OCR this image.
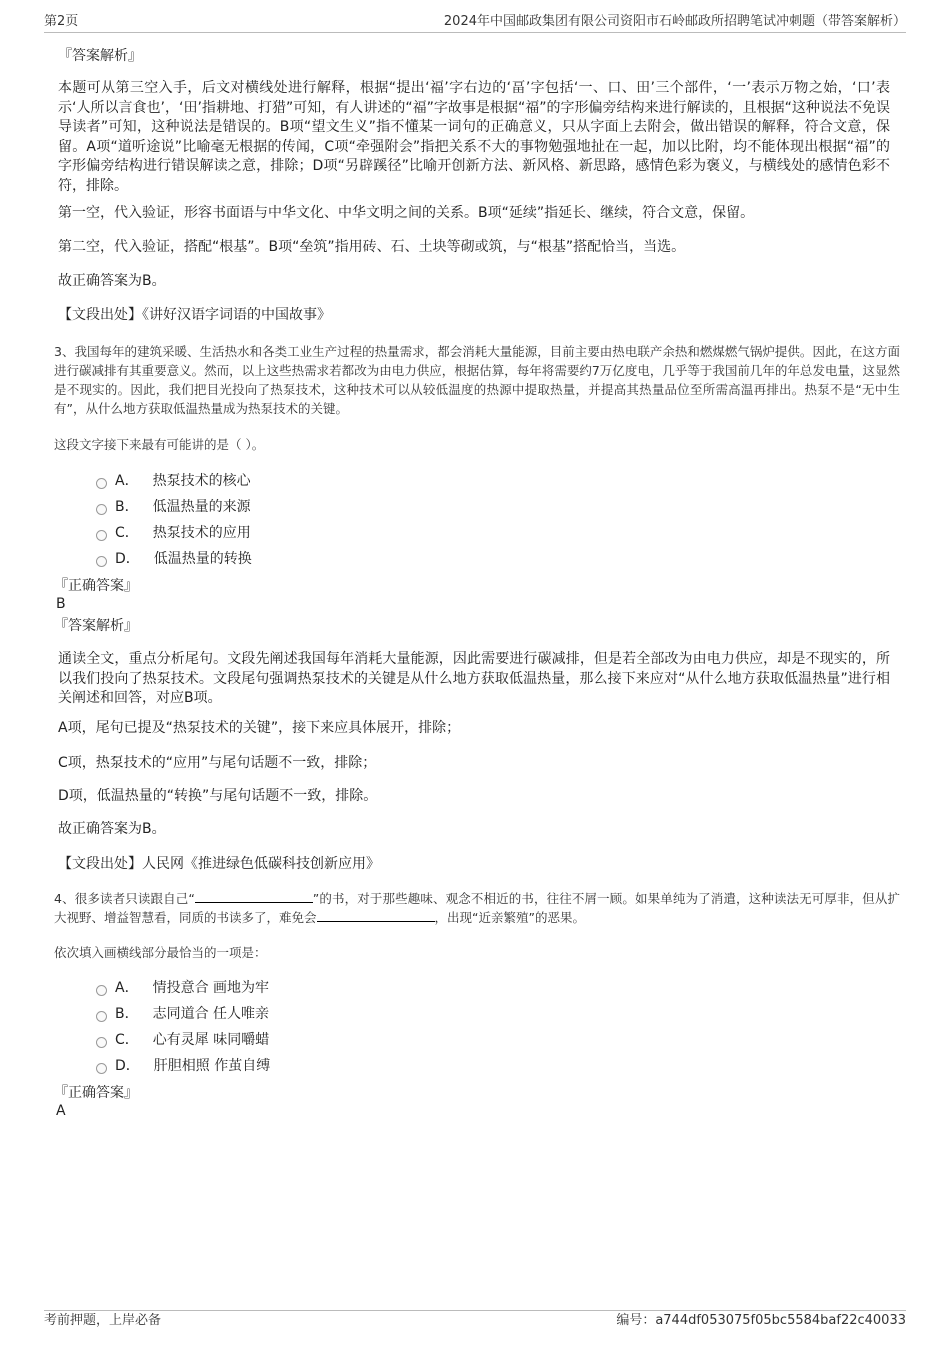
第2页	2024年中国邮政集团有限公司资阳市石岭邮政所招聘笔试冲刺题（带答案解析）
『答案解析』
本题可从第三空入手，后文对横线处进行解释，根据“提出‘福’字右边的‘畐’字包括‘一、口、田’三个部件，‘一’表示万物之始，‘口’表示‘人所以言食也’，‘田’指耕地、打猎”可知，有人讲述的“福”字故事是根据“福”的字形偏旁结构来进行解读的，且根据“这种说法不免误导读者”可知，这种说法是错误的。B项“望文生义”指不懂某一词句的正确意义，只从字面上去附会，做出错误的解释，符合文意，保留。A项“道听途说”比喻毫无根据的传闻，C项“牵强附会”指把关系不大的事物勉强地扯在一起，加以比附，均不能体现出根据“福”的字形偏旁结构进行错误解读之意，排除；D项“另辟蹊径”比喻开创新方法、新风格、新思路，感情色彩为褒义，与横线处的感情色彩不符，排除。
第一空，代入验证，形容书面语与中华文化、中华文明之间的关系。B项“延续”指延长、继续，符合文意，保留。
第二空，代入验证，搭配“根基”。B项“垒筑”指用砖、石、土块等砌或筑，与“根基”搭配恰当，当选。
故正确答案为B。
【文段出处】《讲好汉语字词语的中国故事》
3、我国每年的建筑采暖、生活热水和各类工业生产过程的热量需求，都会消耗大量能源，目前主要由热电联产余热和燃煤燃气锅炉提供。因此，在这方面进行碳减排有其重要意义。然而，以上这些热需求若都改为由电力供应，根据估算，每年将需要约7万亿度电，几乎等于我国前几年的年总发电量，这显然是不现实的。因此，我们把目光投向了热泵技术，这种技术可以从较低温度的热源中提取热量，并提高其热量品位至所需高温再排出。热泵不是“无中生有”，从什么地方获取低温热量成为热泵技术的关键。
这段文字接下来最有可能讲的是（ ）。
A． 热泵技术的核心
B． 低温热量的来源
C． 热泵技术的应用
D． 低温热量的转换
『正确答案』
B
『答案解析』
通读全文，重点分析尾句。文段先阐述我国每年消耗大量能源，因此需要进行碳减排，但是若全部改为由电力供应，却是不现实的，所以我们投向了热泵技术。文段尾句强调热泵技术的关键是从什么地方获取低温热量，那么接下来应对“从什么地方获取低温热量”进行相关阐述和回答，对应B项。
A项，尾句已提及“热泵技术的关键”，接下来应具体展开，排除；
C项，热泵技术的“应用”与尾句话题不一致，排除；
D项，低温热量的“转换”与尾句话题不一致，排除。
故正确答案为B。
【文段出处】人民网《推进绿色低碳科技创新应用》
4、很多读者只读跟自己“	”的书，对于那些趣味、观念不相近的书，往往不屑一顾。如果单纯为了消遣，这种读法无可厚非，但从扩大视野、增益智慧看，同质的书读多了，难免会	，出现“近亲繁殖”的恶果。
依次填入画横线部分最恰当的一项是：
A． 情投意合 画地为牢
B． 志同道合 任人唯亲
C． 心有灵犀 味同嚼蜡
D． 肝胆相照 作茧自缚
『正确答案』
A
考前押题，上岸必备	编号：a744df053075f05bc5584baf22c40033
